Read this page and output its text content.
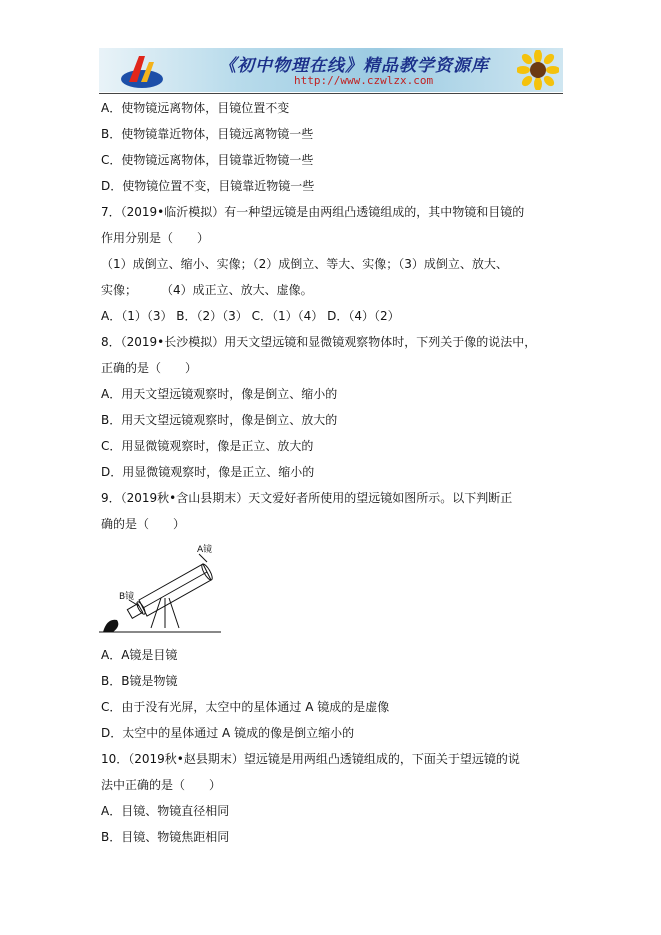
《初中物理在线》精品教学资源库
http://www.czwlzx.com
A．使物镜远离物体，目镜位置不变
B．使物镜靠近物体，目镜远离物镜一些
C．使物镜远离物体，目镜靠近物镜一些
D．使物镜位置不变，目镜靠近物镜一些
7．（2019•临沂模拟）有一种望远镜是由两组凸透镜组成的，其中物镜和目镜的
作用分别是（　　）
（1）成倒立、缩小、实像；（2）成倒立、等大、实像；（3）成倒立、放大、
实像；　　　（4）成正立、放大、虚像。
A．（1）（3） B．（2）（3） C．（1）（4） D．（4）（2）
8．（2019•长沙模拟）用天文望远镜和显微镜观察物体时，下列关于像的说法中，
正确的是（　　）
A．用天文望远镜观察时，像是倒立、缩小的
B．用天文望远镜观察时，像是倒立、放大的
C．用显微镜观察时，像是正立、放大的
D．用显微镜观察时，像是正立、缩小的
9．（2019秋•含山县期末）天文爱好者所使用的望远镜如图所示。以下判断正
确的是（　　）
A镜
B镜
A．A镜是目镜
B．B镜是物镜
C．由于没有光屏，太空中的星体通过 A 镜成的是虚像
D．太空中的星体通过 A 镜成的像是倒立缩小的
10．（2019秋•赵县期末）望远镜是用两组凸透镜组成的，下面关于望远镜的说
法中正确的是（　　）
A．目镜、物镜直径相同
B．目镜、物镜焦距相同
